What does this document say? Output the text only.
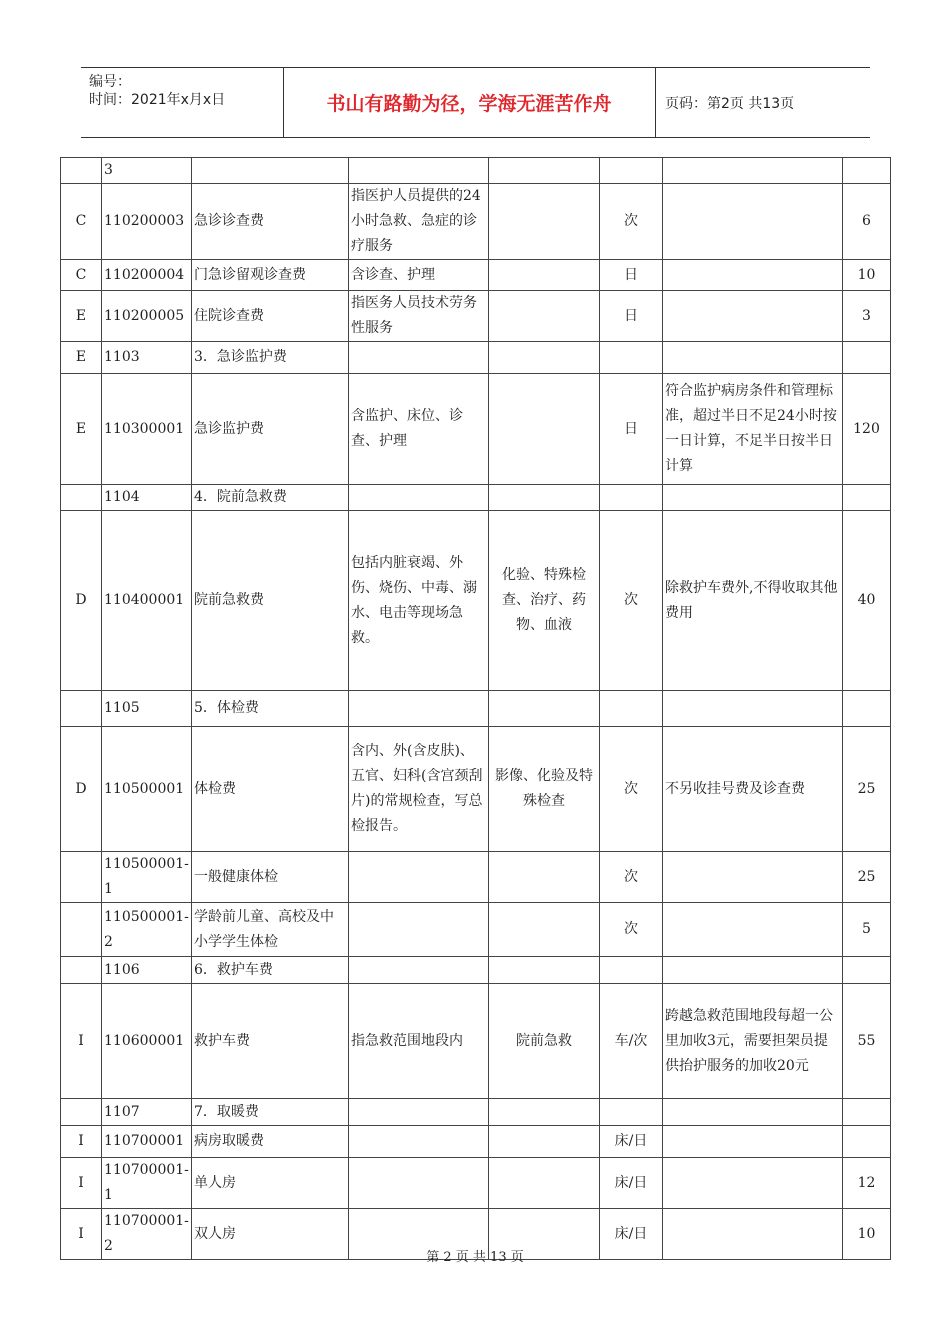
编号：
时间：2021年x月x日	书山有路勤为径，学海无涯苦作舟	页码：第2页 共13页
	3						
C	110200003	急诊诊查费	指医护人员提供的24小时急救、急症的诊疗服务		次		6
C	110200004	门急诊留观诊查费	含诊查、护理		日		10
E	110200005	住院诊查费	指医务人员技术劳务性服务		日		3
E	1103	3．急诊监护费					
E	110300001	急诊监护费	含监护、床位、诊查、护理		日	符合监护病房条件和管理标准，超过半日不足24小时按一日计算，不足半日按半日计算	120
	1104	4．院前急救费					
D	110400001	院前急救费	包括内脏衰竭、外伤、烧伤、中毒、溺水、电击等现场急救。	化验、特殊检查、治疗、药物、血液	次	除救护车费外,不得收取其他费用	40
	1105	5．体检费					
D	110500001	体检费	含内、外(含皮肤)、五官、妇科(含宫颈刮片)的常规检查，写总检报告。	影像、化验及特殊检查	次	不另收挂号费及诊查费	25
	110500001-1	一般健康体检			次		25
	110500001-2	学龄前儿童、高校及中小学学生体检			次		5
	1106	6．救护车费					
I	110600001	救护车费	指急救范围地段内	院前急救	车/次	跨越急救范围地段每超一公里加收3元，需要担架员提供抬护服务的加收20元	55
	1107	7．取暖费					
I	110700001	病房取暖费			床/日		
I	110700001-1	单人房			床/日		12
I	110700001-2	双人房			床/日		10
第 2 页 共 13 页
